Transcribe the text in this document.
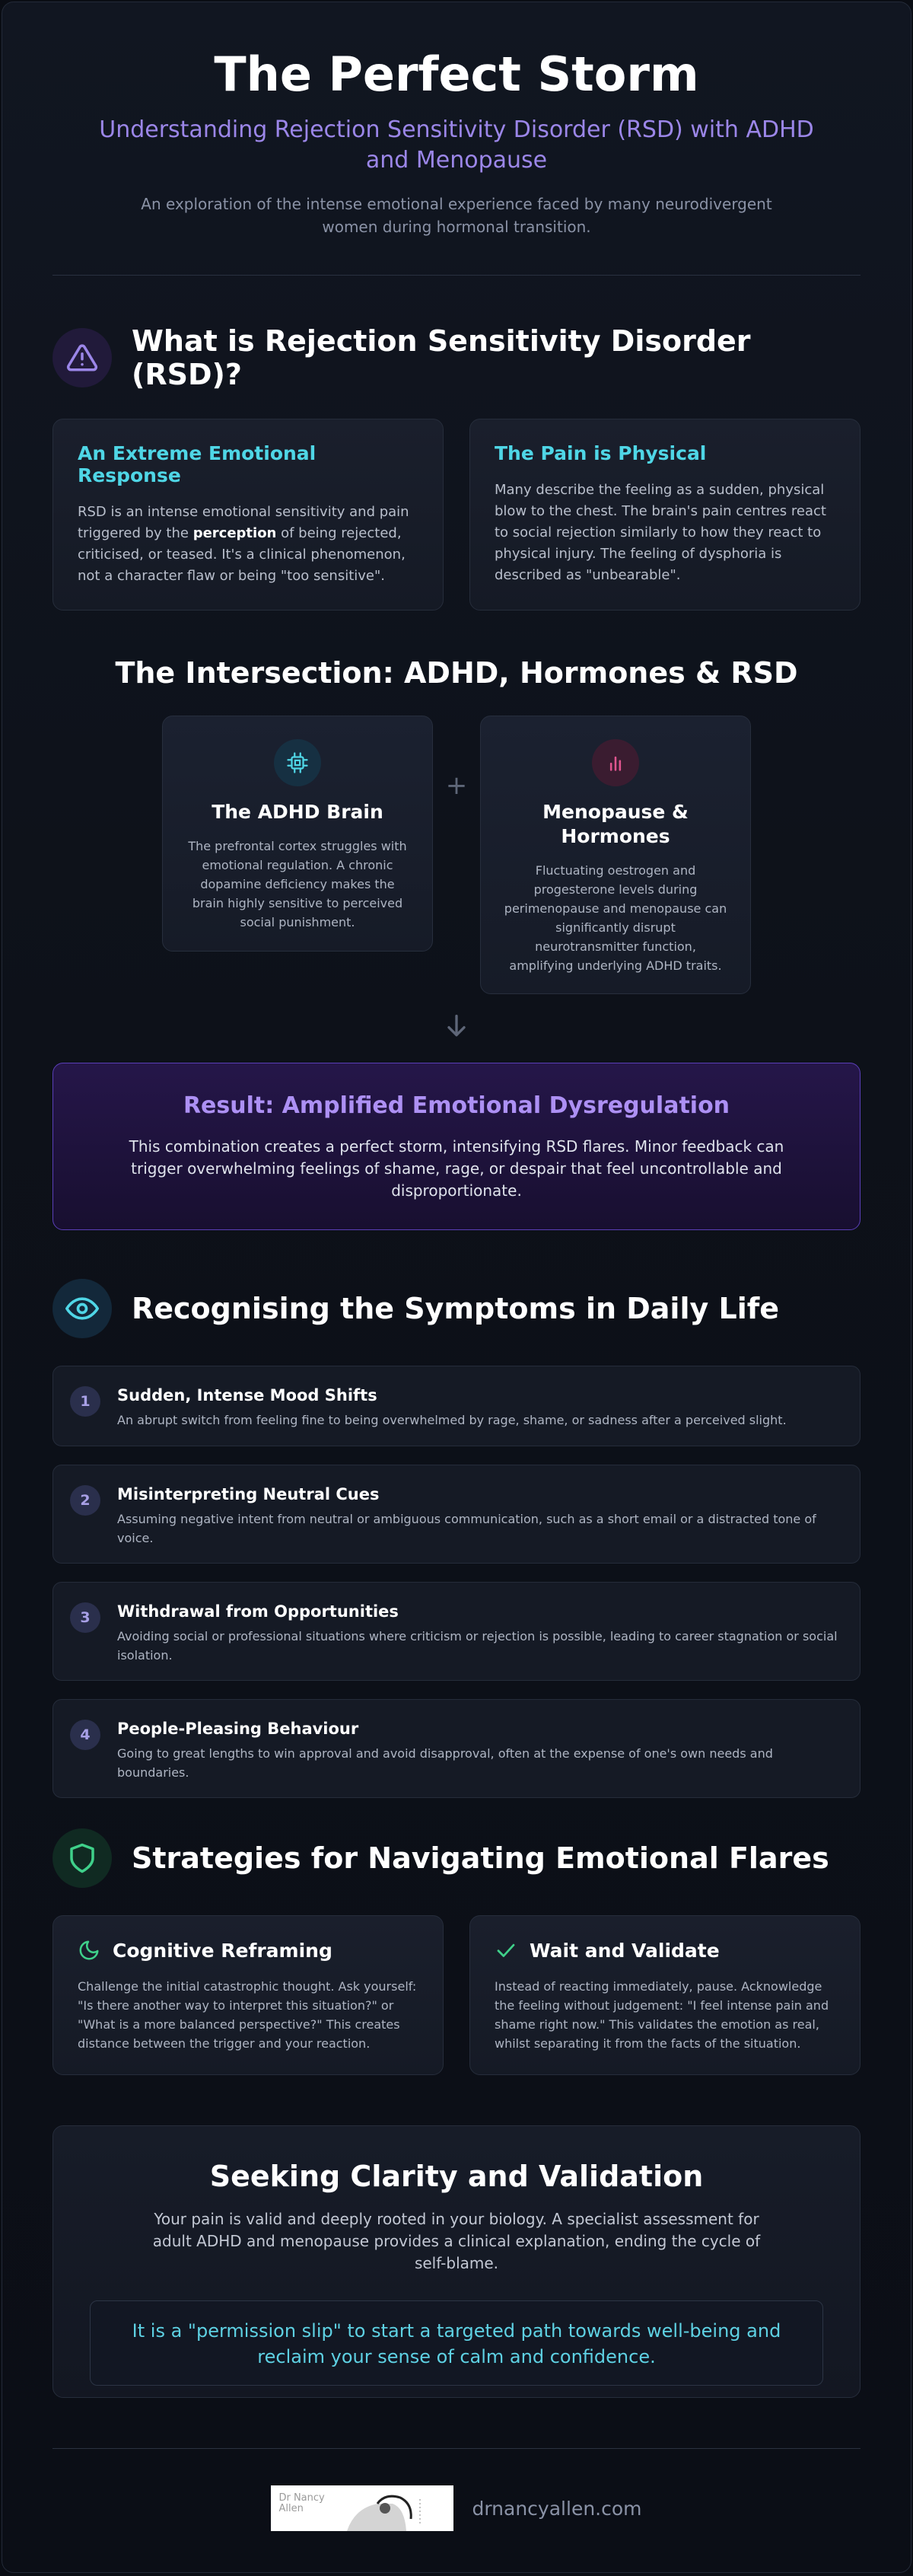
The Perfect Storm

Understanding Rejection Sensitivity Disorder (RSD) with ADHD and Menopause

An exploration of the intense emotional experience faced by many neurodivergent women during hormonal transition.

What is Rejection Sensitivity Disorder (RSD)?
An Extreme Emotional Response

RSD is an intense emotional sensitivity and pain triggered by the perception of being rejected, criticised, or teased. It's a clinical phenomenon, not a character flaw or being "too sensitive".

The Pain is Physical

Many describe the feeling as a sudden, physical blow to the chest. The brain's pain centres react to social rejection similarly to how they react to physical injury. The feeling of dysphoria is described as "unbearable".

The Intersection: ADHD, Hormones & RSD
The ADHD Brain

The prefrontal cortex struggles with emotional regulation. A chronic dopamine deficiency makes the brain highly sensitive to perceived social punishment.

Menopause & Hormones

Fluctuating oestrogen and progesterone levels during perimenopause and menopause can significantly disrupt neurotransmitter function, amplifying underlying ADHD traits.

+
Result: Amplified Emotional Dysregulation

This combination creates a perfect storm, intensifying RSD flares. Minor feedback can trigger overwhelming feelings of shame, rage, or despair that feel uncontrollable and disproportionate.

Recognising the Symptoms in Daily Life
1	Sudden, Intense Mood Shifts

An abrupt switch from feeling fine to being overwhelmed by rage, shame, or sadness after a perceived slight.

2	Misinterpreting Neutral Cues

Assuming negative intent from neutral or ambiguous communication, such as a short email or a distracted tone of voice.

3	Withdrawal from Opportunities

Avoiding social or professional situations where criticism or rejection is possible, leading to career stagnation or social isolation.

4	People-Pleasing Behaviour

Going to great lengths to win approval and avoid disapproval, often at the expense of one's own needs and boundaries.

Strategies for Navigating Emotional Flares
Cognitive Reframing

Challenge the initial catastrophic thought. Ask yourself: "Is there another way to interpret this situation?" or "What is a more balanced perspective?" This creates distance between the trigger and your reaction.

Wait and Validate

Instead of reacting immediately, pause. Acknowledge the feeling without judgement: "I feel intense pain and shame right now." This validates the emotion as real, whilst separating it from the facts of the situation.

Seeking Clarity and Validation

Your pain is valid and deeply rooted in your biology. A specialist assessment for adult ADHD and menopause provides a clinical explanation, ending the cycle of self-blame.

It is a "permission slip" to start a targeted path towards well-being and reclaim your sense of calm and confidence.

Dr Nancy
Allen	drnancyallen.com
